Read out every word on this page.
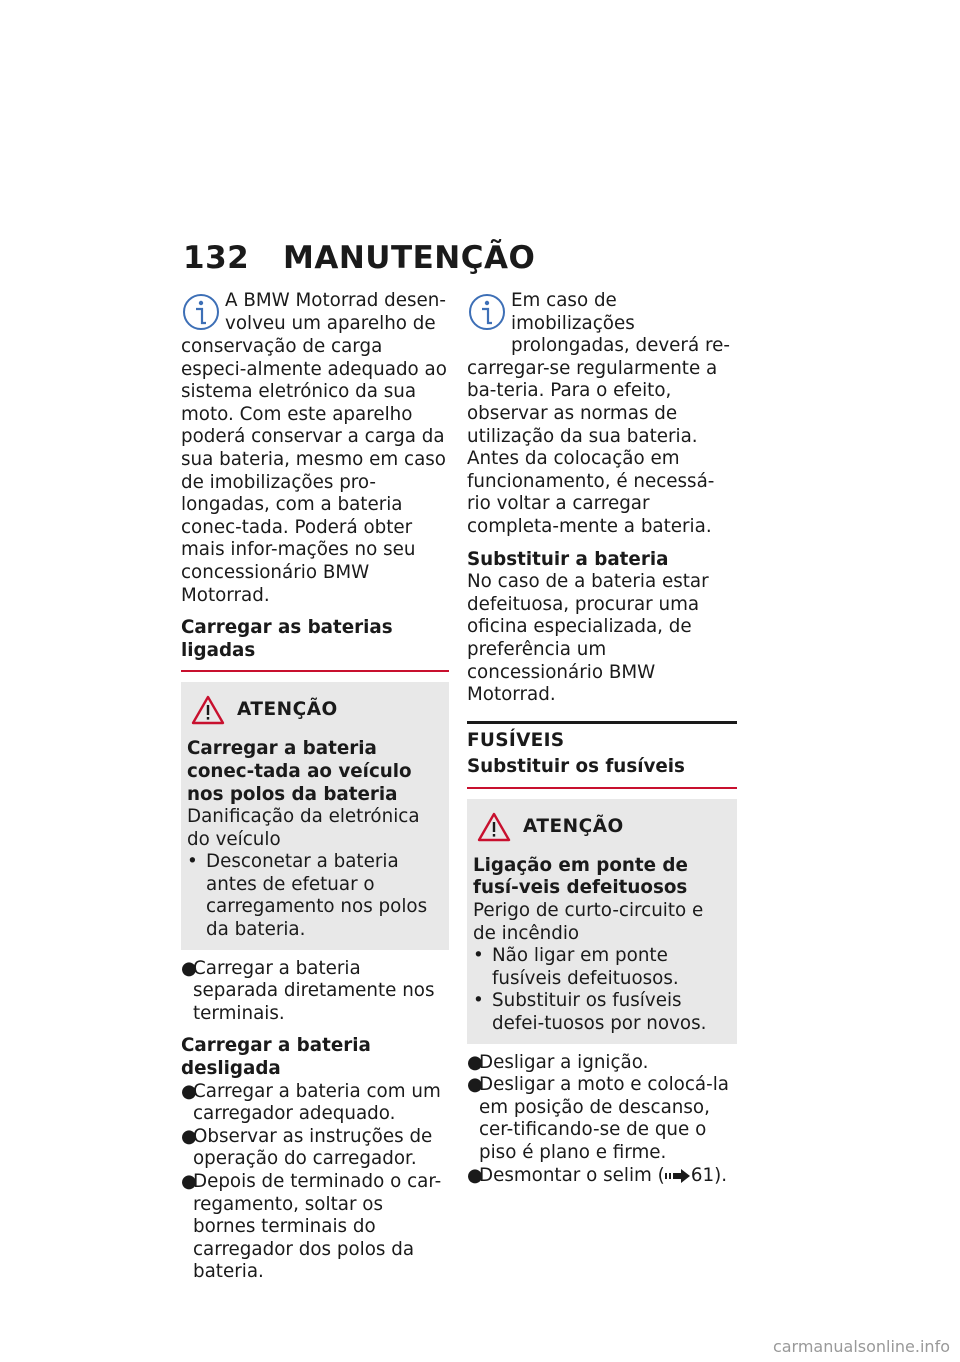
132 MANUTENÇÃO

A BMW Motorrad desen-

volveu um aparelho de

conservação de carga especi-almente adequado ao sistema eletrónico da sua moto. Com este aparelho poderá conservar a carga da sua bateria, mesmo em caso de imobilizações pro-longadas, com a bateria conec-tada. Poderá obter mais infor-mações no seu concessionário BMW Motorrad.

Carregar as baterias ligadas
ATENÇÃO
Carregar a bateria conec-tada ao veículo nos polos da bateria
Danificação da eletrónica do veículo
• Desconetar a bateria antes de efetuar o carregamento nos polos da bateria.
●
Carregar a bateria separada diretamente nos terminais.
Carregar a bateria desligada
●
Carregar a bateria com um carregador adequado.
●
Observar as instruções de operação do carregador.
●
Depois de terminado o car-regamento, soltar os bornes terminais do carregador dos polos da bateria.

Em caso de imobilizações

prolongadas, deverá re-

carregar-se regularmente a ba-teria. Para o efeito, observar as normas de utilização da sua bateria. Antes da colocação em funcionamento, é necessá-rio voltar a carregar completa-mente a bateria.

Substituir a bateria

No caso de a bateria estar defeituosa, procurar uma oficina especializada, de preferência um concessionário BMW Motorrad.

FUSÍVEIS
Substituir os fusíveis
ATENÇÃO
Ligação em ponte de fusí-veis defeituosos
Perigo de curto-circuito e de incêndio
• Não ligar em ponte fusíveis defeituosos.
• Substituir os fusíveis defei-tuosos por novos.
●
Desligar a ignição.
●
Desligar a moto e colocá-la em posição de descanso, cer-tificando-se de que o piso é plano e firme.
●
Desmontar o selim ( 61).
carmanualsonline.info
